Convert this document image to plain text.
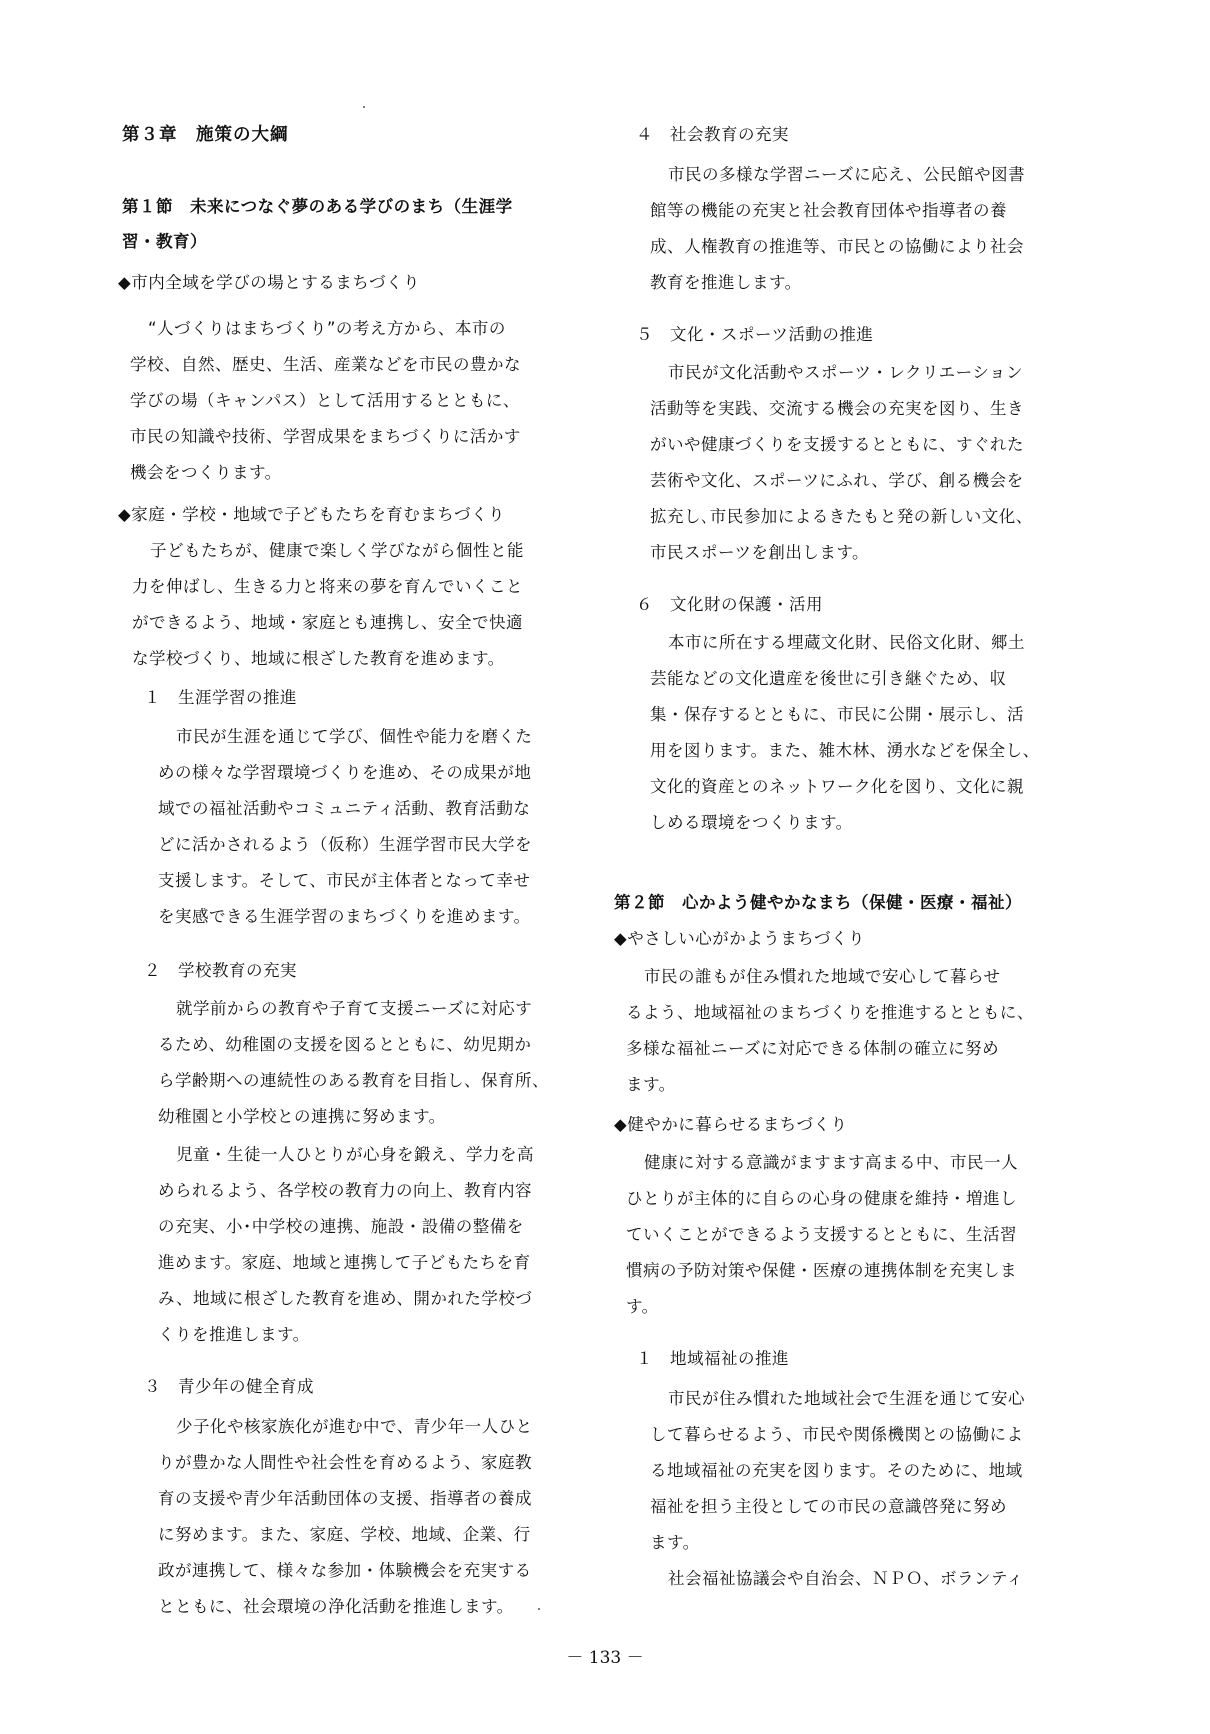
第３章　施策の大綱
第１節　未来につなぐ夢のある学びのまち（生涯学
習・教育）
◆市内全域を学びの場とするまちづくり
“人づくりはまちづくり”の考え方から、本市の
学校、自然、歴史、生活、産業などを市民の豊かな
学びの場（キャンパス）として活用するとともに、
市民の知識や技術、学習成果をまちづくりに活かす
機会をつくります。
◆家庭・学校・地域で子どもたちを育むまちづくり
子どもたちが、健康で楽しく学びながら個性と能
力を伸ばし、生きる力と将来の夢を育んでいくこと
ができるよう、地域・家庭とも連携し、安全で快適
な学校づくり、地域に根ざした教育を進めます。
１　生涯学習の推進
市民が生涯を通じて学び、個性や能力を磨くた
めの様々な学習環境づくりを進め、その成果が地
域での福祉活動やコミュニティ活動、教育活動な
どに活かされるよう（仮称）生涯学習市民大学を
支援します。そして、市民が主体者となって幸せ
を実感できる生涯学習のまちづくりを進めます。
２　学校教育の充実
就学前からの教育や子育て支援ニーズに対応す
るため、幼稚園の支援を図るとともに、幼児期か
ら学齢期への連続性のある教育を目指し、保育所、
幼稚園と小学校との連携に努めます。
児童・生徒一人ひとりが心身を鍛え、学力を高
められるよう、各学校の教育力の向上、教育内容
の充実、小･中学校の連携、施設・設備の整備を
進めます。家庭、地域と連携して子どもたちを育
み、地域に根ざした教育を進め、開かれた学校づ
くりを推進します。
３　青少年の健全育成
少子化や核家族化が進む中で、青少年一人ひと
りが豊かな人間性や社会性を育めるよう、家庭教
育の支援や青少年活動団体の支援、指導者の養成
に努めます。また、家庭、学校、地域、企業、行
政が連携して、様々な参加・体験機会を充実する
とともに、社会環境の浄化活動を推進します。
４　社会教育の充実
市民の多様な学習ニーズに応え、公民館や図書
館等の機能の充実と社会教育団体や指導者の養
成、人権教育の推進等、市民との協働により社会
教育を推進します。
５　文化・スポーツ活動の推進
市民が文化活動やスポーツ・レクリエーション
活動等を実践、交流する機会の充実を図り、生き
がいや健康づくりを支援するとともに、すぐれた
芸術や文化、スポーツにふれ、学び、創る機会を
拡充し､市民参加によるきたもと発の新しい文化、
市民スポーツを創出します。
６　文化財の保護・活用
本市に所在する埋蔵文化財、民俗文化財、郷土
芸能などの文化遺産を後世に引き継ぐため、収
集・保存するとともに、市民に公開・展示し、活
用を図ります。また、雑木林、湧水などを保全し、
文化的資産とのネットワーク化を図り、文化に親
しめる環境をつくります。
第２節　心かよう健やかなまち（保健・医療・福祉）
◆やさしい心がかようまちづくり
市民の誰もが住み慣れた地域で安心して暮らせ
るよう、地域福祉のまちづくりを推進するとともに、
多様な福祉ニーズに対応できる体制の確立に努め
ます。
◆健やかに暮らせるまちづくり
健康に対する意識がますます高まる中、市民一人
ひとりが主体的に自らの心身の健康を維持・増進し
ていくことができるよう支援するとともに、生活習
慣病の予防対策や保健・医療の連携体制を充実しま
す。
１　地域福祉の推進
市民が住み慣れた地域社会で生涯を通じて安心
して暮らせるよう、市民や関係機関との協働によ
る地域福祉の充実を図ります。そのために、地域
福祉を担う主役としての市民の意識啓発に努め
ます。
社会福祉協議会や自治会、ＮＰＯ、ボランティ
－ 133 －
